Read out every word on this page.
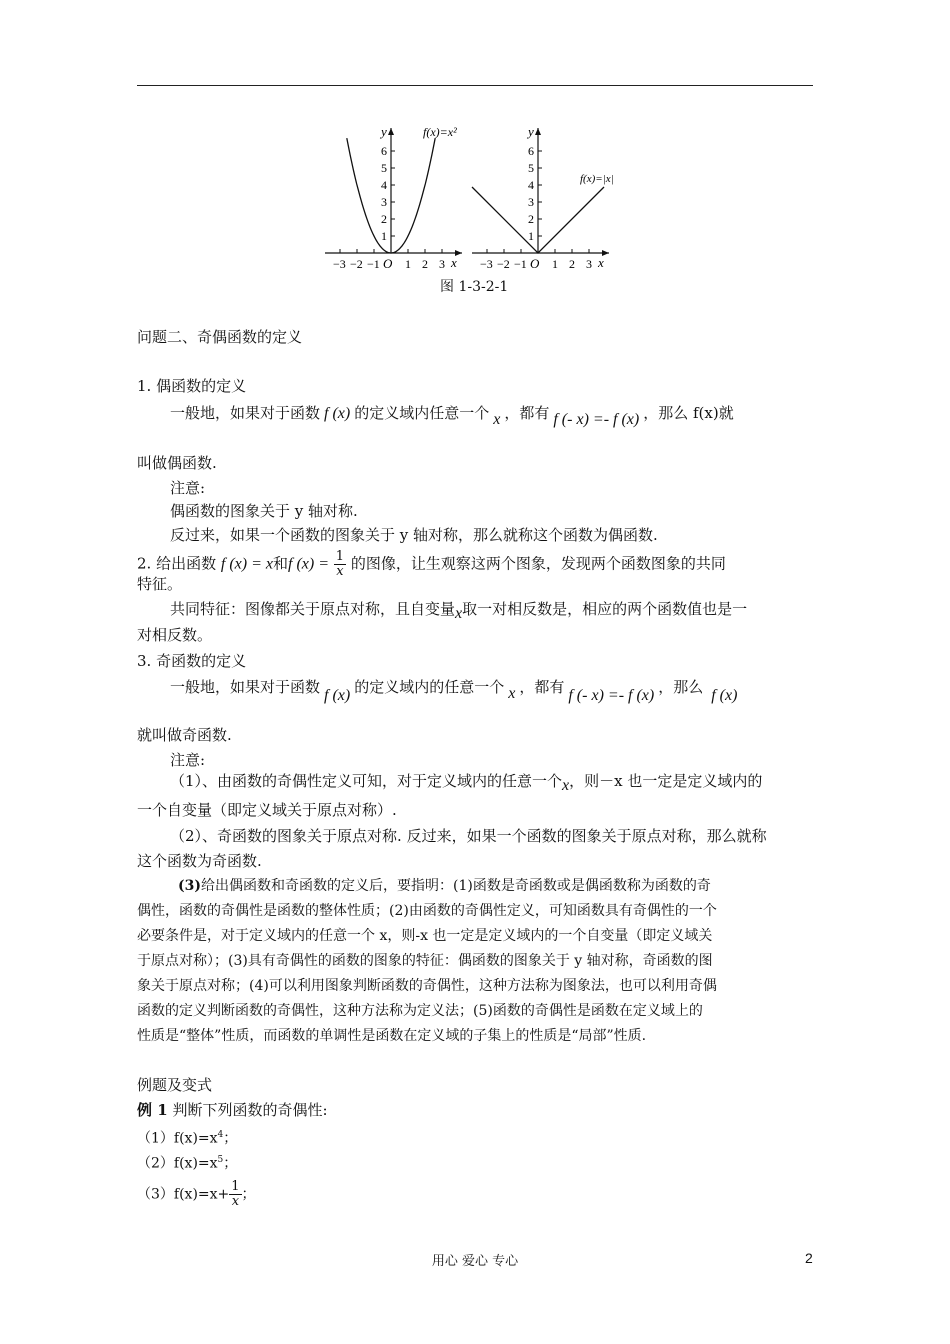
1
2
3
4
5
6
−3 −2 −1 1 2 3
y
x
O
f(x)=x²
1
2
3
4
5
6
−3 −2 −1 1 2 3
y
x
O
f(x)=|x|
图 1-3-2-1
问题二、奇偶函数的定义
1. 偶函数的定义
一般地，如果对于函数 f (x) 的定义域内任意一个 x ，都有 f (- x) =- f (x) ，那么 f(x)就
叫做偶函数.
注意:
偶函数的图象关于 y 轴对称.
反过来，如果一个函数的图象关于 y 轴对称，那么就称这个函数为偶函数.
2. 给出函数 f (x) = x和f $(x) = \frac{1}{x}$ 的图像，让生观察这两个图象，发现两个函数图象的共同
特征。
共同特征：图像都关于原点对称，且自变量x取一对相反数是，相应的两个函数值也是一
对相反数。
3. 奇函数的定义
一般地，如果对于函数 f (x) 的定义域内的任意一个 x ，都有 f (- x) =- f (x) ，那么 f (x)
就叫做奇函数.
注意:
（1）、由函数的奇偶性定义可知，对于定义域内的任意一个x，则－x 也一定是定义域内的
一个自变量（即定义域关于原点对称）.
（2）、奇函数的图象关于原点对称. 反过来，如果一个函数的图象关于原点对称，那么就称
这个函数为奇函数.
(3)给出偶函数和奇函数的定义后，要指明：(1)函数是奇函数或是偶函数称为函数的奇
偶性，函数的奇偶性是函数的整体性质；(2)由函数的奇偶性定义，可知函数具有奇偶性的一个
必要条件是，对于定义域内的任意一个 x，则-x 也一定是定义域内的一个自变量（即定义域关
于原点对称）；(3)具有奇偶性的函数的图象的特征：偶函数的图象关于 y 轴对称，奇函数的图
象关于原点对称；(4)可以利用图象判断函数的奇偶性，这种方法称为图象法，也可以利用奇偶
函数的定义判断函数的奇偶性，这种方法称为定义法；(5)函数的奇偶性是函数在定义域上的
性质是“整体”性质，而函数的单调性是函数在定义域的子集上的性质是“局部”性质.
例题及变式
例 1 判断下列函数的奇偶性:
$(1)f(x)=x^4$；
$(2)f(x)=x^5$；
$(3)f(x)=x+ \frac{1}{x}$ ；
用心 爱心 专心	2
